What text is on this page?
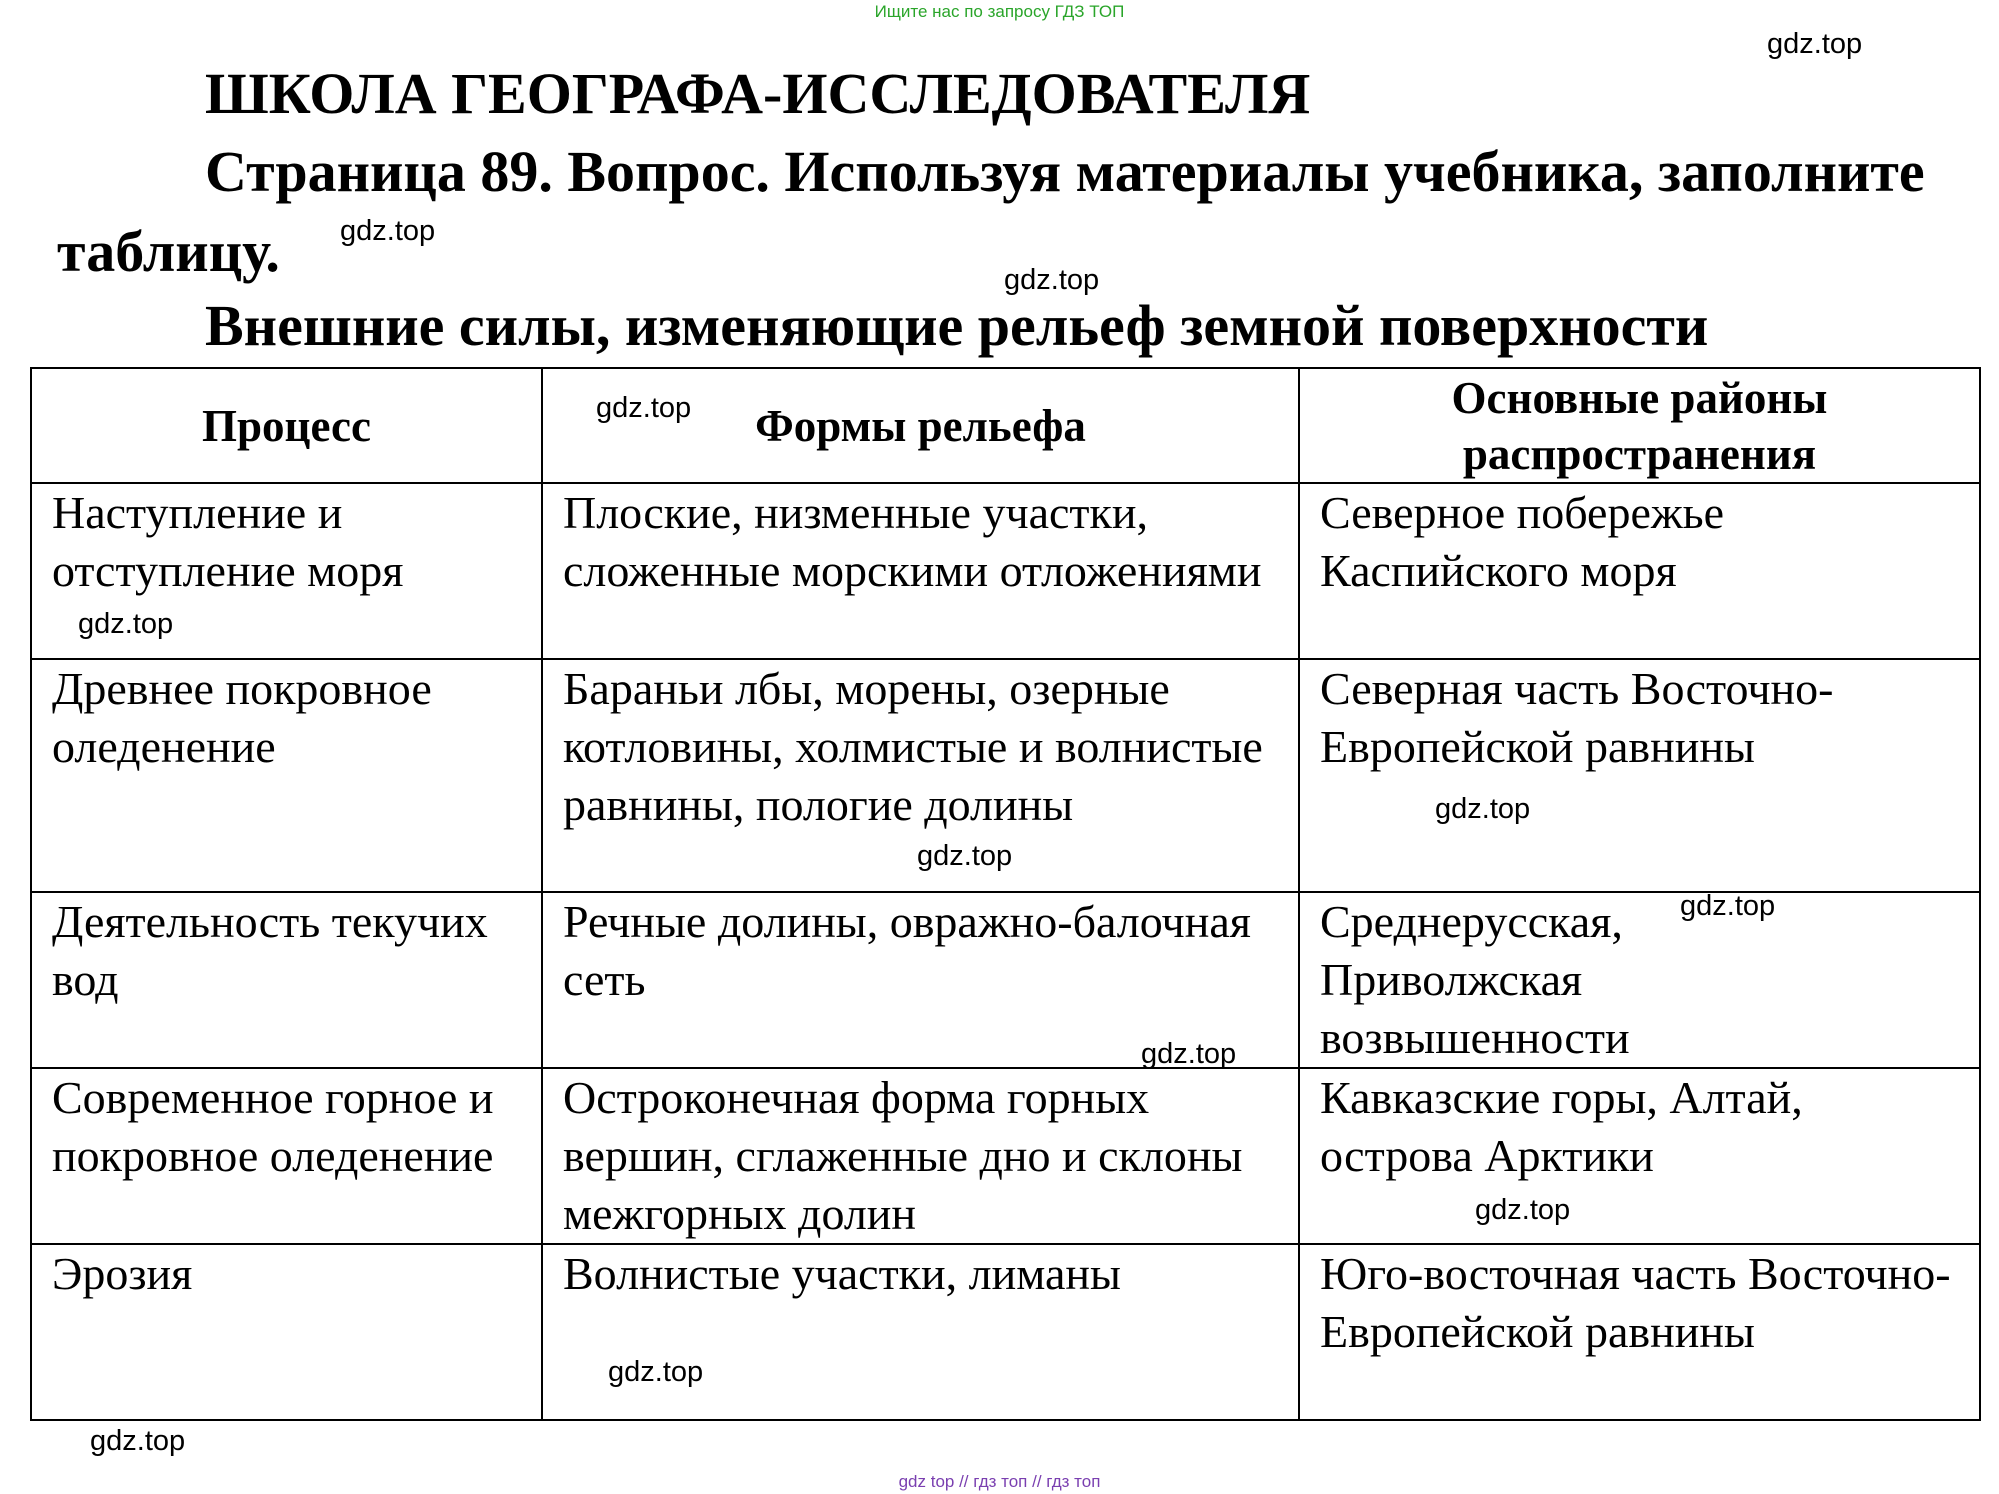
Ищите нас по запросу ГДЗ ТОП
ШКОЛА ГЕОГРАФА-ИССЛЕДОВАТЕЛЯ
Страница 89. Вопрос. Используя материалы учебника, заполните
таблицу.
Внешние силы, изменяющие рельеф земной поверхности
Процесс	Формы рельефа	Основные районы распространения
Наступление и отступление моря	Плоские, низменные участки, сложенные морскими отложениями	Северное побережье Каспийского моря
Древнее покровное оледенение	Бараньи лбы, морены, озерные котловины, холмистые и волнистые равнины, пологие долины	Северная часть Восточно-Европейской равнины
Деятельность текучих вод	Речные долины, овражно-балочная сеть	Среднерусская, Приволжская возвышенности
Современное горное и покровное оледенение	Остроконечная форма горных вершин, сглаженные дно и склоны межгорных долин	Кавказские горы, Алтай, острова Арктики
Эрозия	Волнистые участки, лиманы	Юго-восточная часть Восточно-Европейской равнины
gdz.top
gdz.top
gdz.top
gdz.top
gdz.top
gdz.top
gdz.top
gdz.top
gdz.top
gdz.top
gdz.top
gdz.top
gdz top // гдз топ // гдз топ
